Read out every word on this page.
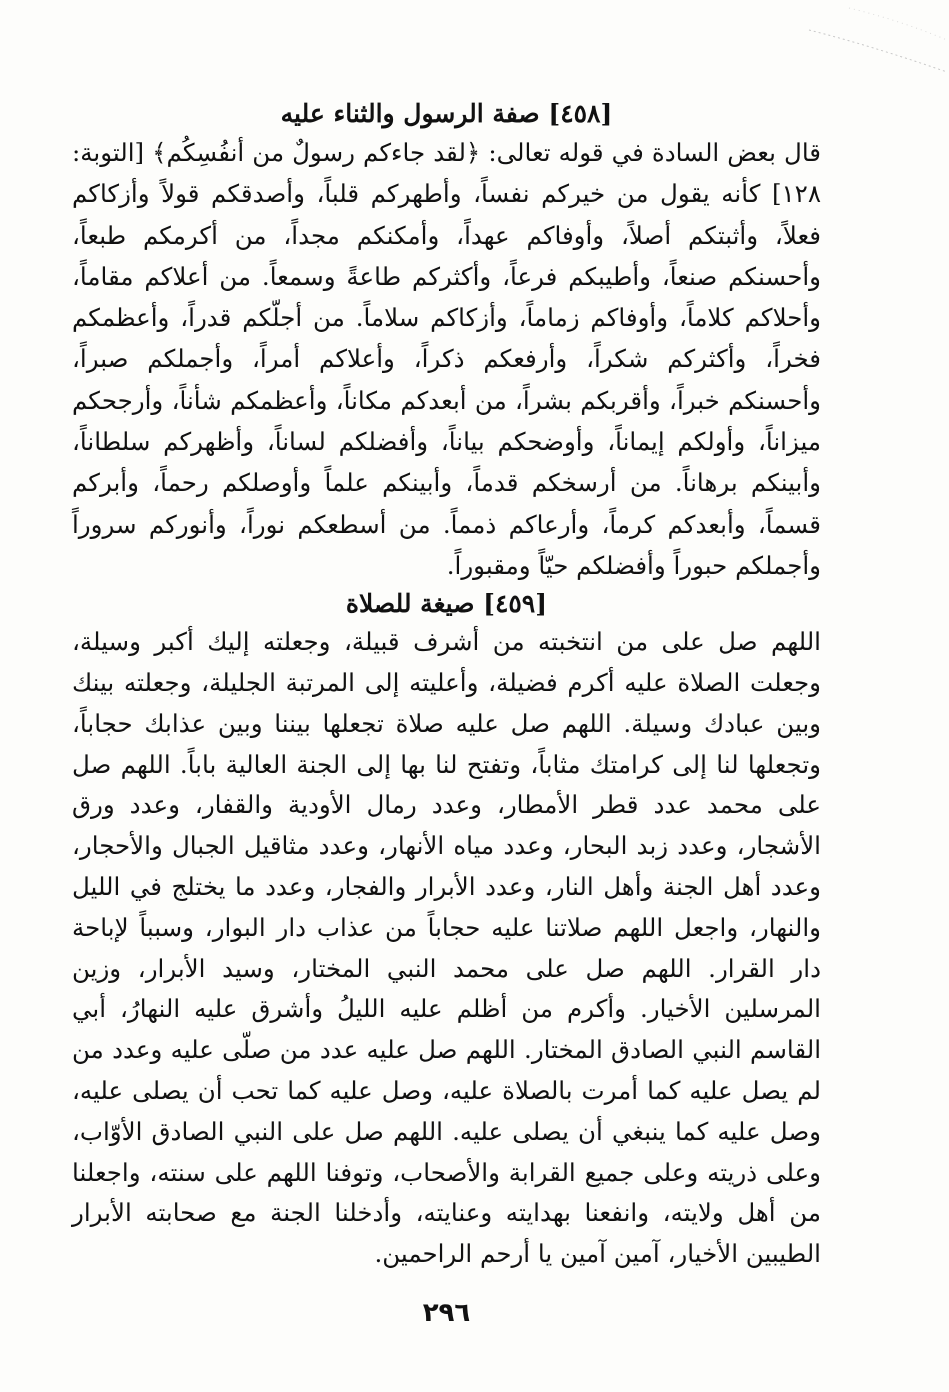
[٤٥٨] صفة الرسول والثناء عليه

قال بعض السادة في قوله تعالى: ﴿لقد جاءكم رسولٌ من أنفُسِكُم﴾ [التوبة: ١٢٨] كأنه يقول من خيركم نفساً، وأطهركم قلباً، وأصدقكم قولاً وأزكاكم فعلاً، وأثبتكم أصلاً، وأوفاكم عهداً، وأمكنكم مجداً، من أكرمكم طبعاً، وأحسنكم صنعاً، وأطيبكم فرعاً، وأكثركم طاعةً وسمعاً. من أعلاكم مقاماً، وأحلاكم كلاماً، وأوفاكم زماماً، وأزكاكم سلاماً. من أجلّكم قدراً، وأعظمكم فخراً، وأكثركم شكراً، وأرفعكم ذكراً، وأعلاكم أمراً، وأجملكم صبراً، وأحسنكم خبراً، وأقربكم بشراً، من أبعدكم مكاناً، وأعظمكم شأناً، وأرجحكم ميزاناً، وأولكم إيماناً، وأوضحكم بياناً، وأفضلكم لساناً، وأظهركم سلطاناً، وأبينكم برهاناً. من أرسخكم قدماً، وأبينكم علماً وأوصلكم رحماً، وأبركم قسماً، وأبعدكم كرماً، وأرعاكم ذمماً. من أسطعكم نوراً، وأنوركم سروراً وأجملكم حبوراً وأفضلكم حيّاً ومقبوراً.

[٤٥٩] صيغة للصلاة

اللهم صل على من انتخبته من أشرف قبيلة، وجعلته إليك أكبر وسيلة، وجعلت الصلاة عليه أكرم فضيلة، وأعليته إلى المرتبة الجليلة، وجعلته بينك وبين عبادك وسيلة. اللهم صل عليه صلاة تجعلها بيننا وبين عذابك حجاباً، وتجعلها لنا إلى كرامتك مثاباً، وتفتح لنا بها إلى الجنة العالية باباً. اللهم صل على محمد عدد قطر الأمطار، وعدد رمال الأودية والقفار، وعدد ورق الأشجار، وعدد زبد البحار، وعدد مياه الأنهار، وعدد مثاقيل الجبال والأحجار، وعدد أهل الجنة وأهل النار، وعدد الأبرار والفجار، وعدد ما يختلج في الليل والنهار، واجعل اللهم صلاتنا عليه حجاباً من عذاب دار البوار، وسبباً لإباحة دار القرار. اللهم صل على محمد النبي المختار، وسيد الأبرار، وزين المرسلين الأخيار. وأكرم من أظلم عليه الليلُ وأشرق عليه النهارُ، أبي القاسم النبي الصادق المختار. اللهم صل عليه عدد من صلّى عليه وعدد من لم يصل عليه كما أمرت بالصلاة عليه، وصل عليه كما تحب أن يصلى عليه، وصل عليه كما ينبغي أن يصلى عليه. اللهم صل على النبي الصادق الأوّاب، وعلى ذريته وعلى جميع القرابة والأصحاب، وتوفنا اللهم على سنته، واجعلنا من أهل ولايته، وانفعنا بهدايته وعنايته، وأدخلنا الجنة مع صحابته الأبرار الطيبين الأخيار، آمين آمين يا أرحم الراحمين.

٢٩٦
